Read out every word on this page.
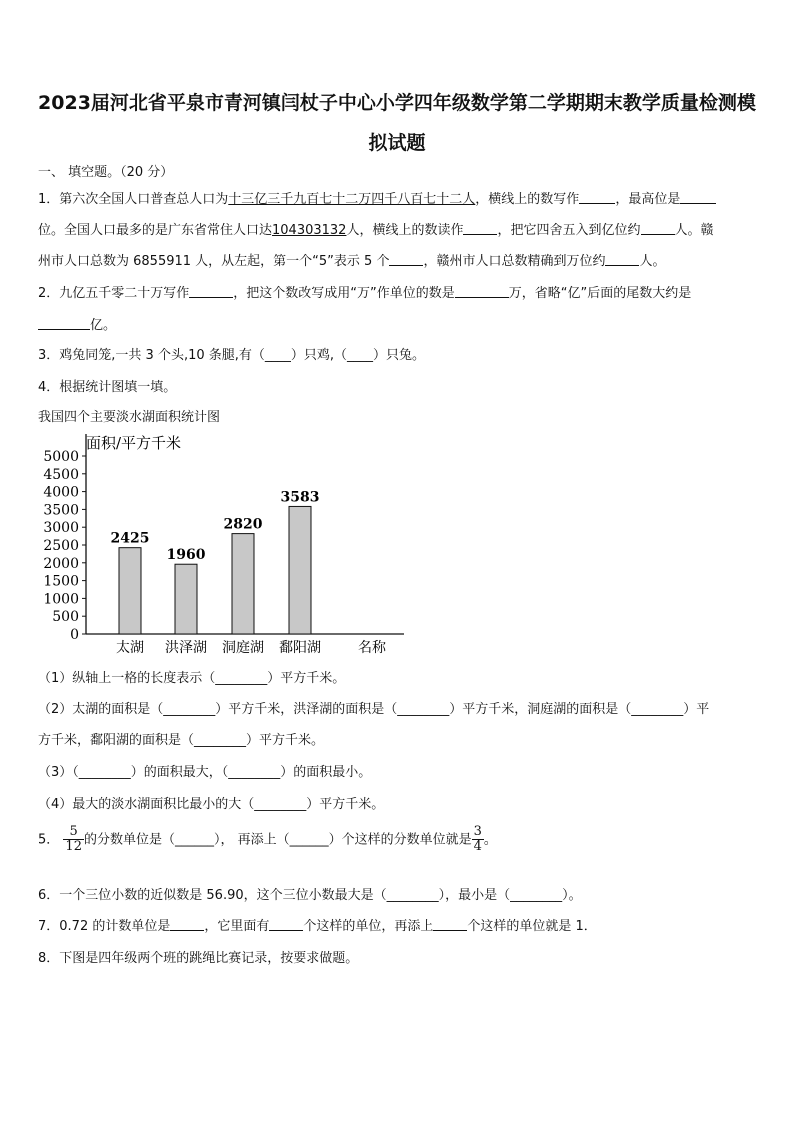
2023届河北省平泉市青河镇闫杖子中心小学四年级数学第二学期期末教学质量检测模
拟试题
一、 填空题。（20 分）
1．第六次全国人口普查总人口为十三亿三千九百七十二万四千八百七十二人，横线上的数写作	，最高位是
位。全国人口最多的是广东省常住人口达104303132人，横线上的数读作	，把它四舍五入到亿位约	人。赣
州市人口总数为 6855911 人，从左起，第一个“5”表示 5 个	，赣州市人口总数精确到万位约	人。
2．九亿五千零二十万写作	，把这个数改写成用“万”作单位的数是	万，省略“亿”后面的尾数大约是
亿。
3．鸡兔同笼,一共 3 个头,10 条腿,有（____）只鸡,（____）只兔。
4．根据统计图填一填。
我国四个主要淡水湖面积统计图
面积/平方千米
名称
0
500
1000
1500
2000
2500
3000
3500
4000
4500
5000
2425
1960
2820
3583
太湖 洪泽湖 洞庭湖 鄱阳湖
（1）纵轴上一格的长度表示（________）平方千米。
（2）太湖的面积是（________）平方千米，洪泽湖的面积是（________）平方千米，洞庭湖的面积是（________）平
方千米，鄱阳湖的面积是（________）平方千米。
（3）（________）的面积最大，（________）的面积最小。
（4）最大的淡水湖面积比最小的大（________）平方千米。
5． $\frac{5}{12}$ 的分数单位是（______）， 再添上（______）个这样的分数单位就是 $\frac{3}{4}$ 。
6．一个三位小数的近似数是 56.90，这个三位小数最大是（________），最小是（________）。
7．0.72 的计数单位是	，它里面有	个这样的单位，再添上	个这样的单位就是 1．
8．下图是四年级两个班的跳绳比赛记录，按要求做题。
